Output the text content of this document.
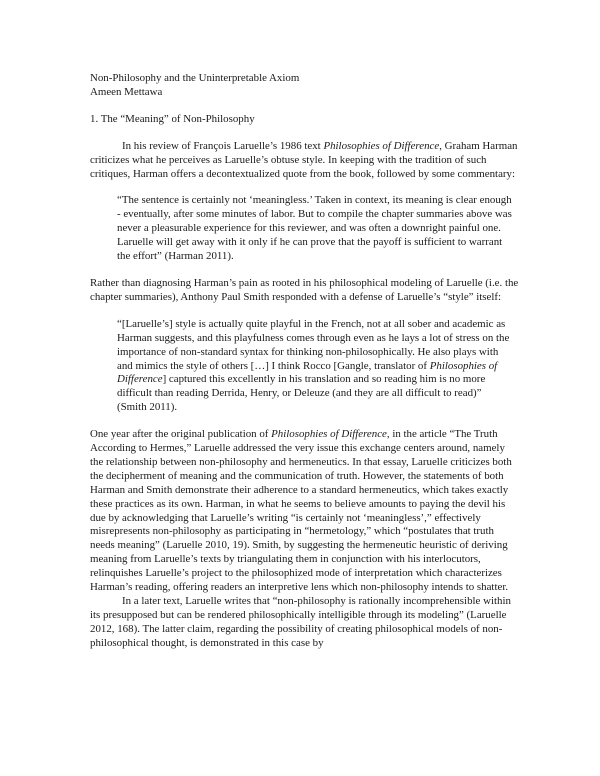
Non-Philosophy and the Uninterpretable Axiom

Ameen Mettawa

1. The “Meaning” of Non-Philosophy

In his review of François Laruelle’s 1986 text Philosophies of Difference, Graham Harman criticizes what he perceives as Laruelle’s obtuse style. In keeping with the tradition of such critiques, Harman offers a decontextualized quote from the book, followed by some commentary:

“The sentence is certainly not ‘meaningless.’ Taken in context, its meaning is clear enough - eventually, after some minutes of labor. But to compile the chapter summaries above was never a pleasurable experience for this reviewer, and was often a downright painful one. Laruelle will get away with it only if he can prove that the payoff is sufficient to warrant the effort” (Harman 2011).

Rather than diagnosing Harman’s pain as rooted in his philosophical modeling of Laruelle (i.e. the chapter summaries), Anthony Paul Smith responded with a defense of Laruelle’s “style” itself:

“[Laruelle’s] style is actually quite playful in the French, not at all sober and academic as Harman suggests, and this playfulness comes through even as he lays a lot of stress on the importance of non-standard syntax for thinking non-philosophically. He also plays with and mimics the style of others […] I think Rocco [Gangle, translator of Philosophies of Difference] captured this excellently in his translation and so reading him is no more difficult than reading Derrida, Henry, or Deleuze (and they are all difficult to read)” (Smith 2011).

One year after the original publication of Philosophies of Difference, in the article “The Truth According to Hermes,” Laruelle addressed the very issue this exchange centers around, namely the relationship between non-philosophy and hermeneutics. In that essay, Laruelle criticizes both the decipherment of meaning and the communication of truth. However, the statements of both Harman and Smith demonstrate their adherence to a standard hermeneutics, which takes exactly these practices as its own. Harman, in what he seems to believe amounts to paying the devil his due by acknowledging that Laruelle’s writing “is certainly not ‘meaningless’,” effectively misrepresents non-philosophy as participating in “hermetology,” which “postulates that truth needs meaning” (Laruelle 2010, 19). Smith, by suggesting the hermeneutic heuristic of deriving meaning from Laruelle’s texts by triangulating them in conjunction with his interlocutors, relinquishes Laruelle’s project to the philosophized mode of interpretation which characterizes Harman’s reading, offering readers an interpretive lens which non-philosophy intends to shatter.

In a later text, Laruelle writes that “non-philosophy is rationally incomprehensible within its presupposed but can be rendered philosophically intelligible through its modeling” (Laruelle 2012, 168). The latter claim, regarding the possibility of creating philosophical models of non-philosophical thought, is demonstrated in this case by
